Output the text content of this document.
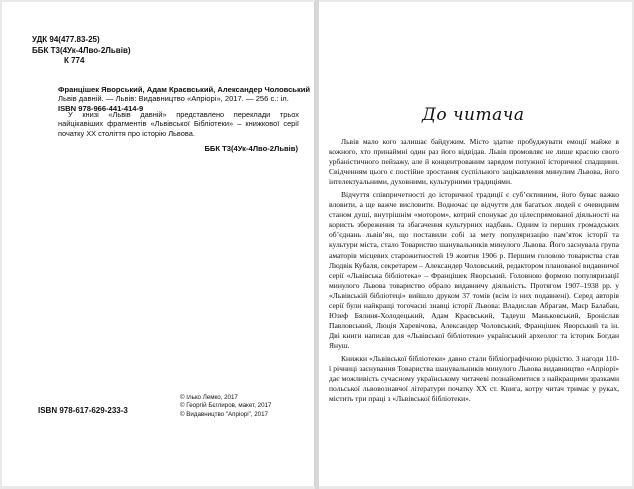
УДК 94(477.83-25)
ББК Т3(4Ук-4Лво-2Львів)
К 774
Францішек Яворський, Адам Краєвський, Александер Чоловський
Львів давній. — Львів: Видавництво «Апріорі», 2017. — 256 с.: іл.
ISBN 978-966-441-414-9
У книзі «Львів давній» представлено переклади трьох найцікавіших фрагментів «Львівської Бібліотеки» – книжкової серії початку ХХ століття про історію Львова.
ББК Т3(4Ук-4Лво-2Львів)
ISBN 978-617-629-233-3
© Ількo Лемко, 2017
© Георгій Бєглиров, макет, 2017
© Видавництво "Апріорі", 2017
До читача

Львів мало кого залишає байдужим. Місто здатне пробуджувати емоції майже в кожного, хто принаймні один раз його відвідав. Львів промовляє не лише красою свого урбаністичного пейзажу, але й концентрованим зарядом потужної історичної спадщини. Свідченням цього є постійне зростання суспільного зацікавлення минулим Львова, його інтелектуальними, духовними, культурними традиціями.

Відчуття співпричетності до історичної традиції є суб’єктивним, його буває важко вловити, а ще важче висловити. Водночас це відчуття для багатьох людей є очевидним станом душі, внутрішнім «мотором», котрий спонукає до цілеспрямованої діяльності на користь збереження та збагачення культурних надбань. Одним із перших громадських об’єднань львів’ян, що поставили собі за мету популяризацію пам’яток історії та культури міста, стало Товариство шанувальників минулого Львова. Його заснувала група аматорів місцевих старожитностей 19 жовтня 1906 р. Першим головою товариства став Людвік Кубаля, секретарем – Александер Чоловський, редактором планованої видавничої серії «Львівська бібліотека» – Францішек Яворський. Головною формою популяризації минулого Львова товариство обрало видавничу діяльність. Протягом 1907–1938 рр. у «Львівській бібліотеці» вийшло друком 37 томів (всім із них подавнені). Серед авторів серії були найкращі тогочасні знавці історії Львова: Владислав Абрагам, Маєр Балабан, Юзеф Бялиня-Холодецький, Адам Краєвський, Тадеуш Маньковський, Броніслав Павловський, Люція Харевічова, Александер Чоловський, Францішек Яворський та ін. Дві книги написав для «Львівської бібліотеки» український археолог та історик Богдан Януш.

Книжки «Львівської бібліотеки» давно стали бібліографічною рідкістю. З нагоди 110-ї річниці заснування Товариства шанувальників минулого Львова видавництво «Апріорі» дає можливість сучасному українському читачеві познайомитися з найкращими зразками польської львовознавчої літератури початку ХХ ст. Книга, котру читач тримає у руках, містить три праці з «Львівської бібліотеки».
